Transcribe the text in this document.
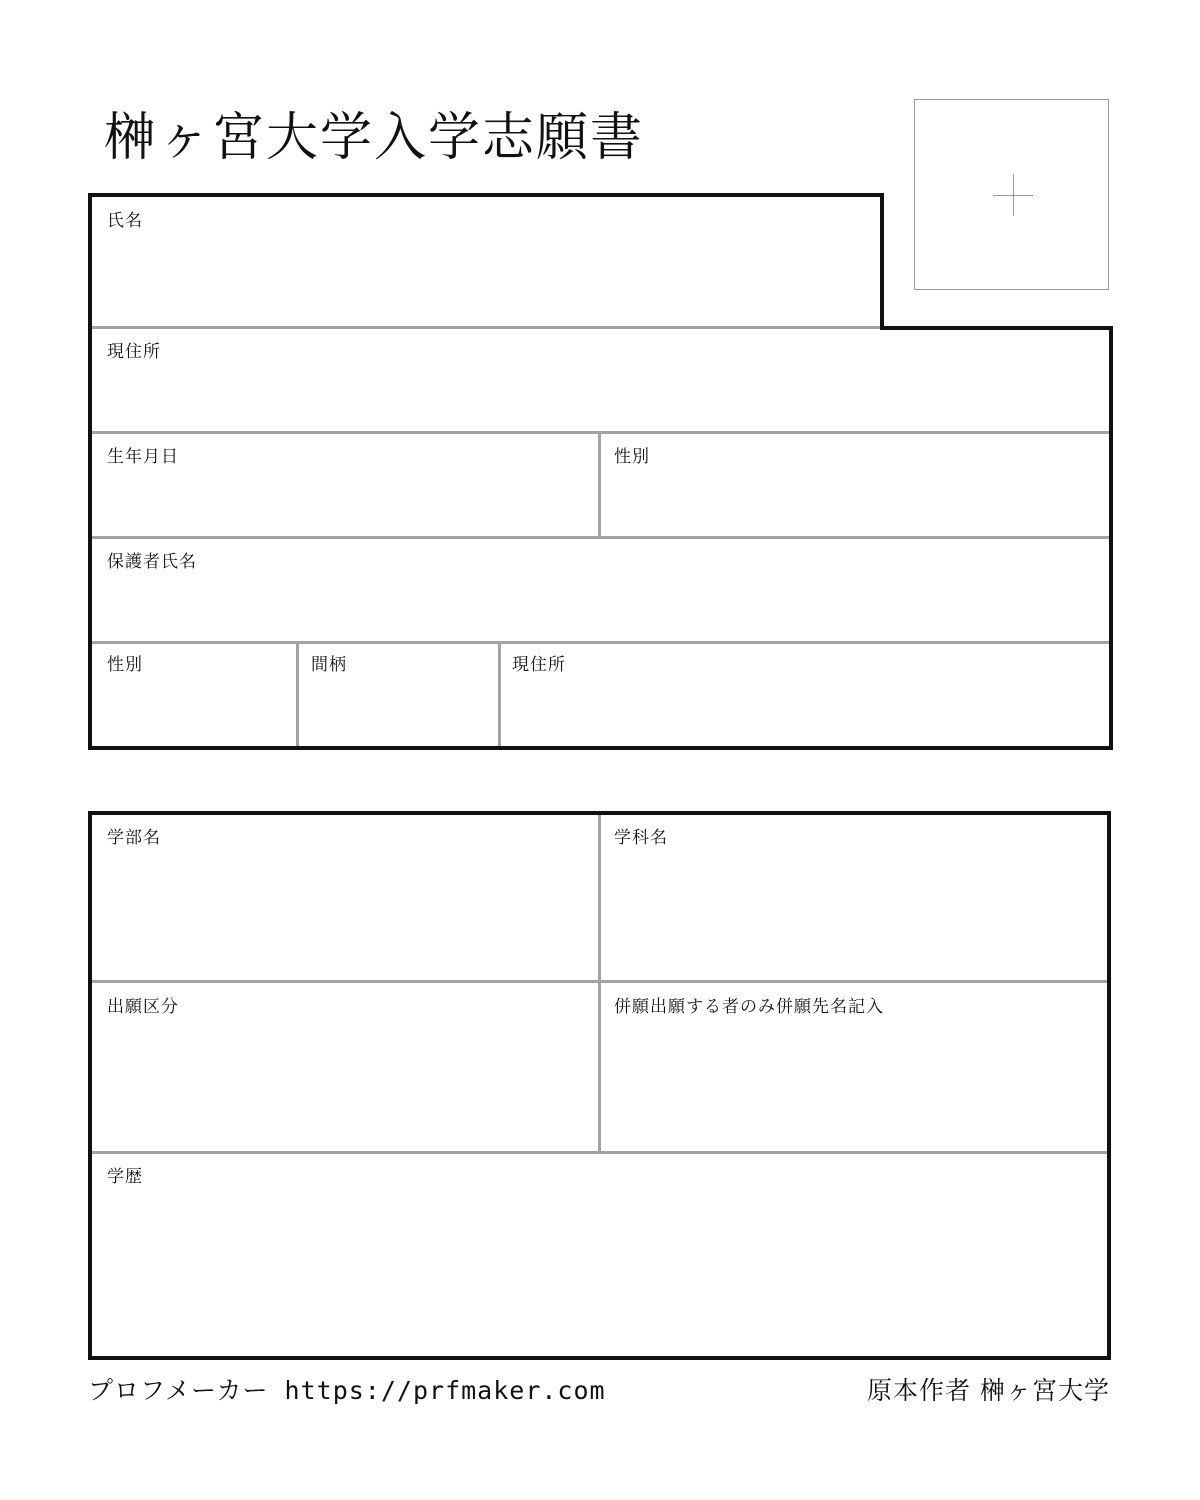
榊ヶ宮大学入学志願書
氏名
現住所
生年月日	性別
保護者氏名
性別	間柄	現住所
学部名	学科名
出願区分	併願出願する者のみ併願先名記入
学歴
プロフメーカー https://prfmaker.com	原本作者 榊ヶ宮大学
